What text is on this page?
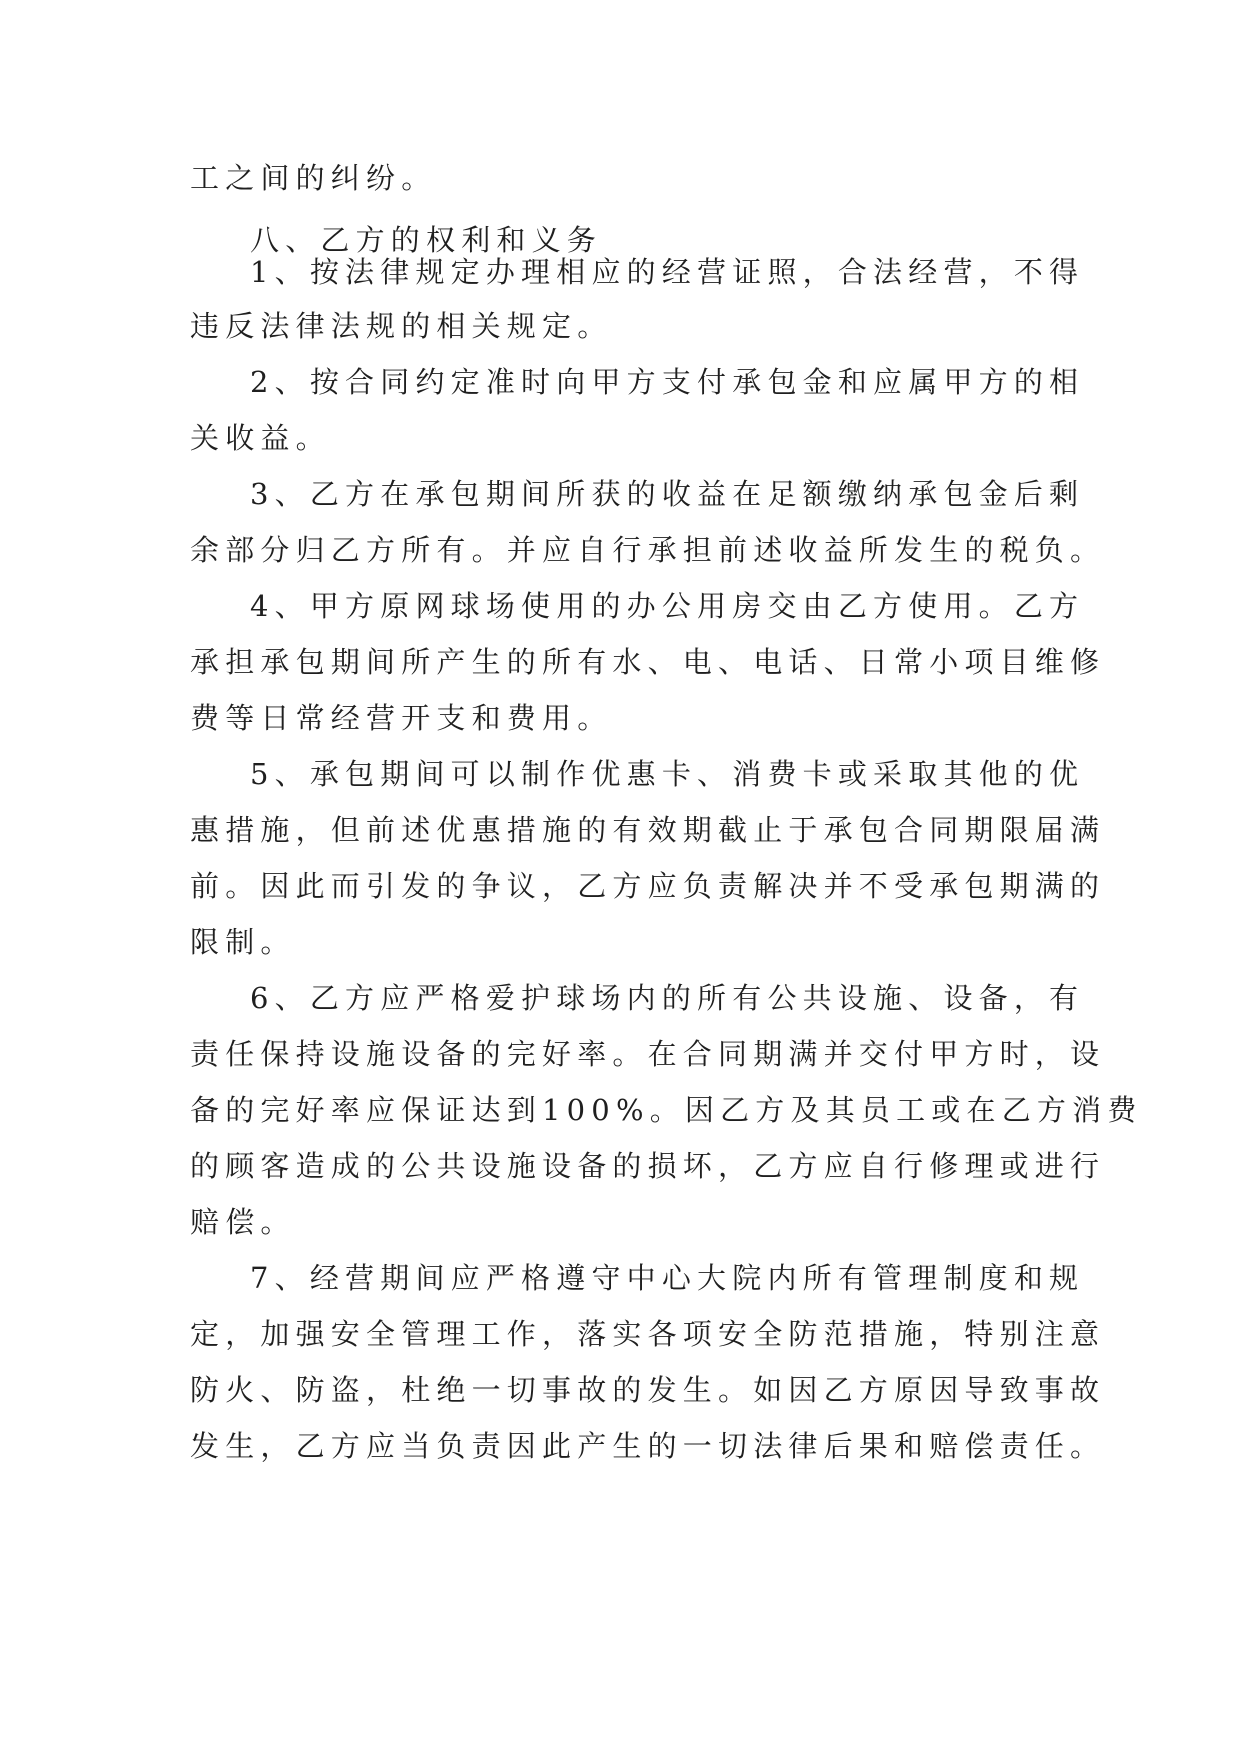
工之间的纠纷。

八、乙方的权利和义务

1、按法律规定办理相应的经营证照，合法经营，不得

违反法律法规的相关规定。

2、按合同约定准时向甲方支付承包金和应属甲方的相

关收益。

3、乙方在承包期间所获的收益在足额缴纳承包金后剩

余部分归乙方所有。并应自行承担前述收益所发生的税负。

4、甲方原网球场使用的办公用房交由乙方使用。乙方

承担承包期间所产生的所有水、电、电话、日常小项目维修

费等日常经营开支和费用。

5、承包期间可以制作优惠卡、消费卡或采取其他的优

惠措施，但前述优惠措施的有效期截止于承包合同期限届满

前。因此而引发的争议，乙方应负责解决并不受承包期满的

限制。

6、乙方应严格爱护球场内的所有公共设施、设备，有

责任保持设施设备的完好率。在合同期满并交付甲方时，设

备的完好率应保证达到100%。因乙方及其员工或在乙方消费

的顾客造成的公共设施设备的损坏，乙方应自行修理或进行

赔偿。

7、经营期间应严格遵守中心大院内所有管理制度和规

定，加强安全管理工作，落实各项安全防范措施，特别注意

防火、防盗，杜绝一切事故的发生。如因乙方原因导致事故

发生，乙方应当负责因此产生的一切法律后果和赔偿责任。
